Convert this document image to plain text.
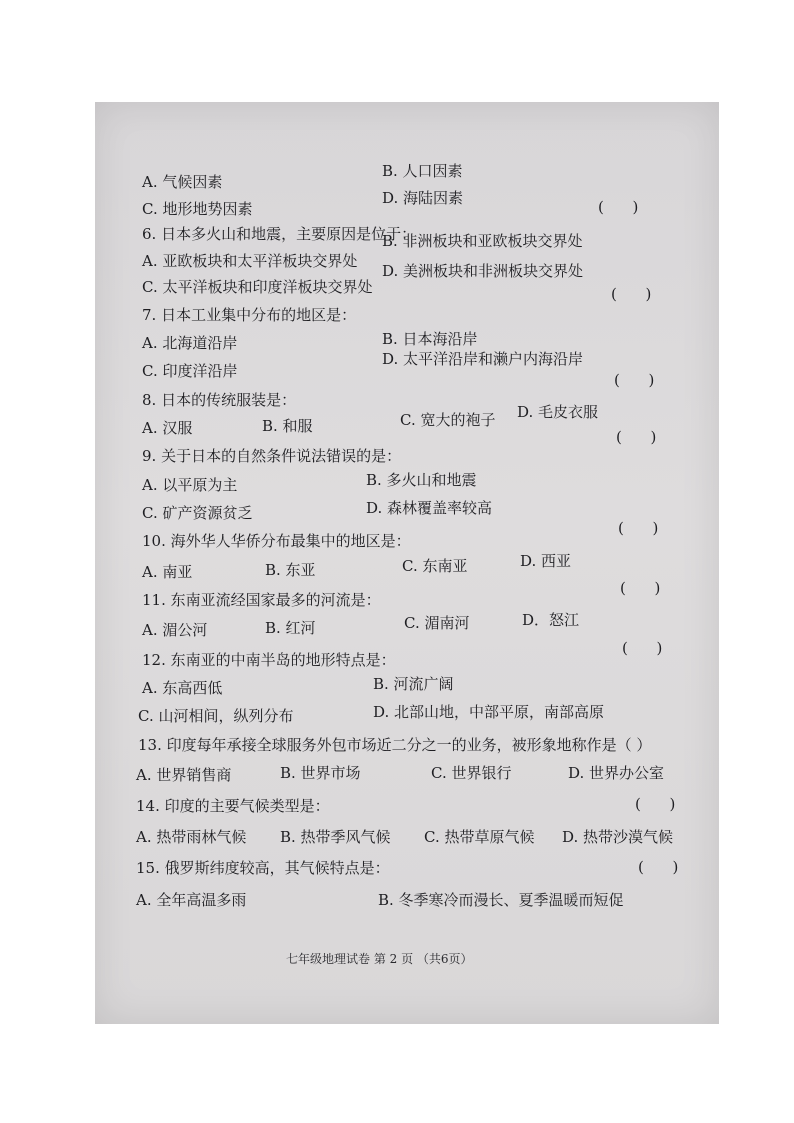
A. 气候因素
B. 人口因素
C. 地形地势因素
D. 海陆因素	(      )
6. 日本多火山和地震，主要原因是位于：
A. 亚欧板块和太平洋板块交界处
B. 非洲板块和亚欧板块交界处
C. 太平洋板块和印度洋板块交界处
D. 美洲板块和非洲板块交界处
(      )
7. 日本工业集中分布的地区是：
A. 北海道沿岸	B. 日本海沿岸
C. 印度洋沿岸
D. 太平洋沿岸和濑户内海沿岸
(      )
8. 日本的传统服装是：
A. 汉服	B. 和服	C. 宽大的袍子 D. 毛皮衣服
(      )
9. 关于日本的自然条件说法错误的是：
A. 以平原为主	B. 多火山和地震
C. 矿产资源贫乏	D. 森林覆盖率较高
(      )
10. 海外华人华侨分布最集中的地区是：
A. 南亚	B. 东亚	C. 东南亚	D. 西亚
(      )
11. 东南亚流经国家最多的河流是：
A. 湄公河	B. 红河	C. 湄南河	D．怒江
(      )
12. 东南亚的中南半岛的地形特点是：
A. 东高西低	B. 河流广阔
C. 山河相间，纵列分布	D. 北部山地，中部平原，南部高原
13. 印度每年承接全球服务外包市场近二分之一的业务，被形象地称作是（ ）
A. 世界销售商	B. 世界市场	C. 世界银行	D. 世界办公室
14. 印度的主要气候类型是：	(      )
A. 热带雨林气候 B. 热带季风气候 C. 热带草原气候 D. 热带沙漠气候
15. 俄罗斯纬度较高，其气候特点是：	(      )
A. 全年高温多雨	B. 冬季寒冷而漫长、夏季温暖而短促
七年级地理试卷 第 2 页 （共6页）
